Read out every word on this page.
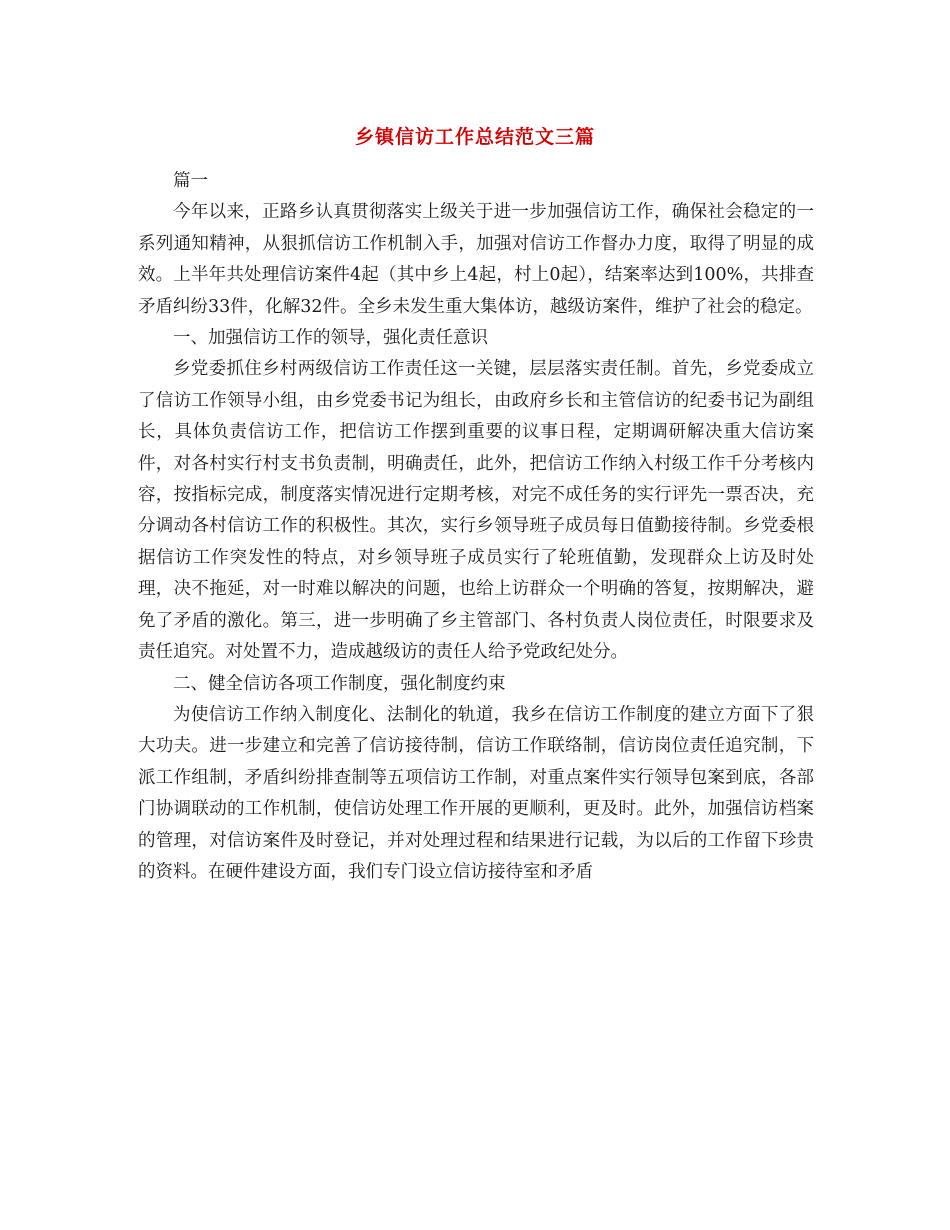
乡镇信访工作总结范文三篇

篇一

今年以来，正路乡认真贯彻落实上级关于进一步加强信访工作，确保社会稳定的一系列通知精神，从狠抓信访工作机制入手，加强对信访工作督办力度，取得了明显的成效。上半年共处理信访案件4起（其中乡上4起，村上0起），结案率达到100%，共排查矛盾纠纷33件，化解32件。全乡未发生重大集体访，越级访案件，维护了社会的稳定。

一、加强信访工作的领导，强化责任意识

乡党委抓住乡村两级信访工作责任这一关键，层层落实责任制。首先，乡党委成立了信访工作领导小组，由乡党委书记为组长，由政府乡长和主管信访的纪委书记为副组长，具体负责信访工作，把信访工作摆到重要的议事日程，定期调研解决重大信访案件，对各村实行村支书负责制，明确责任，此外，把信访工作纳入村级工作千分考核内容，按指标完成，制度落实情况进行定期考核，对完不成任务的实行评先一票否决，充分调动各村信访工作的积极性。其次，实行乡领导班子成员每日值勤接待制。乡党委根据信访工作突发性的特点，对乡领导班子成员实行了轮班值勤，发现群众上访及时处理，决不拖延，对一时难以解决的问题，也给上访群众一个明确的答复，按期解决，避免了矛盾的激化。第三，进一步明确了乡主管部门、各村负责人岗位责任，时限要求及责任追究。对处置不力，造成越级访的责任人给予党政纪处分。

二、健全信访各项工作制度，强化制度约束

为使信访工作纳入制度化、法制化的轨道，我乡在信访工作制度的建立方面下了狠大功夫。进一步建立和完善了信访接待制，信访工作联络制，信访岗位责任追究制，下派工作组制，矛盾纠纷排查制等五项信访工作制，对重点案件实行领导包案到底，各部门协调联动的工作机制，使信访处理工作开展的更顺利，更及时。此外，加强信访档案的管理，对信访案件及时登记，并对处理过程和结果进行记载，为以后的工作留下珍贵的资料。在硬件建设方面，我们专门设立信访接待室和矛盾
